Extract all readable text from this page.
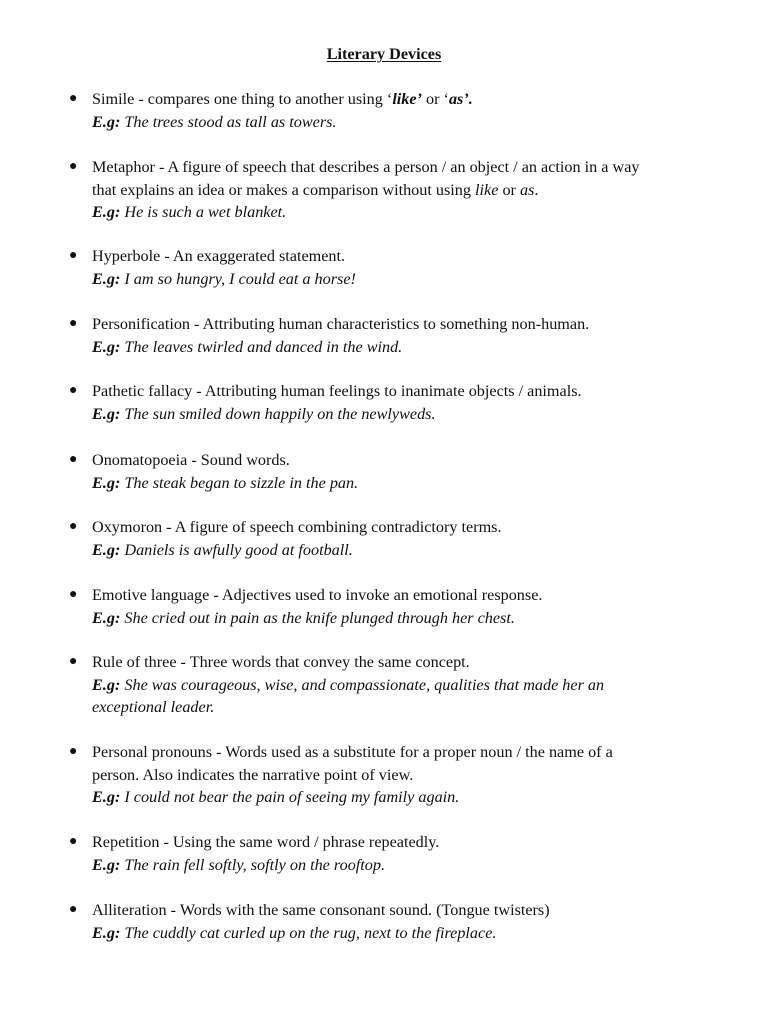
Literary Devices
● Simile - compares one thing to another using ‘like’ or ‘as’.
E.g: The trees stood as tall as towers.
● Metaphor - A figure of speech that describes a person / an object / an action in a way
that explains an idea or makes a comparison without using like or as.
E.g: He is such a wet blanket.
● Hyperbole - An exaggerated statement.
E.g: I am so hungry, I could eat a horse!
● Personification - Attributing human characteristics to something non-human.
E.g: The leaves twirled and danced in the wind.
● Pathetic fallacy - Attributing human feelings to inanimate objects / animals.
E.g: The sun smiled down happily on the newlyweds.
● Onomatopoeia - Sound words.
E.g: The steak began to sizzle in the pan.
● Oxymoron - A figure of speech combining contradictory terms.
E.g: Daniels is awfully good at football.
● Emotive language - Adjectives used to invoke an emotional response.
E.g: She cried out in pain as the knife plunged through her chest.
● Rule of three - Three words that convey the same concept.
E.g: She was courageous, wise, and compassionate, qualities that made her an
exceptional leader.
● Personal pronouns - Words used as a substitute for a proper noun / the name of a
person. Also indicates the narrative point of view.
E.g: I could not bear the pain of seeing my family again.
● Repetition - Using the same word / phrase repeatedly.
E.g: The rain fell softly, softly on the rooftop.
● Alliteration - Words with the same consonant sound. (Tongue twisters)
E.g: The cuddly cat curled up on the rug, next to the fireplace.
